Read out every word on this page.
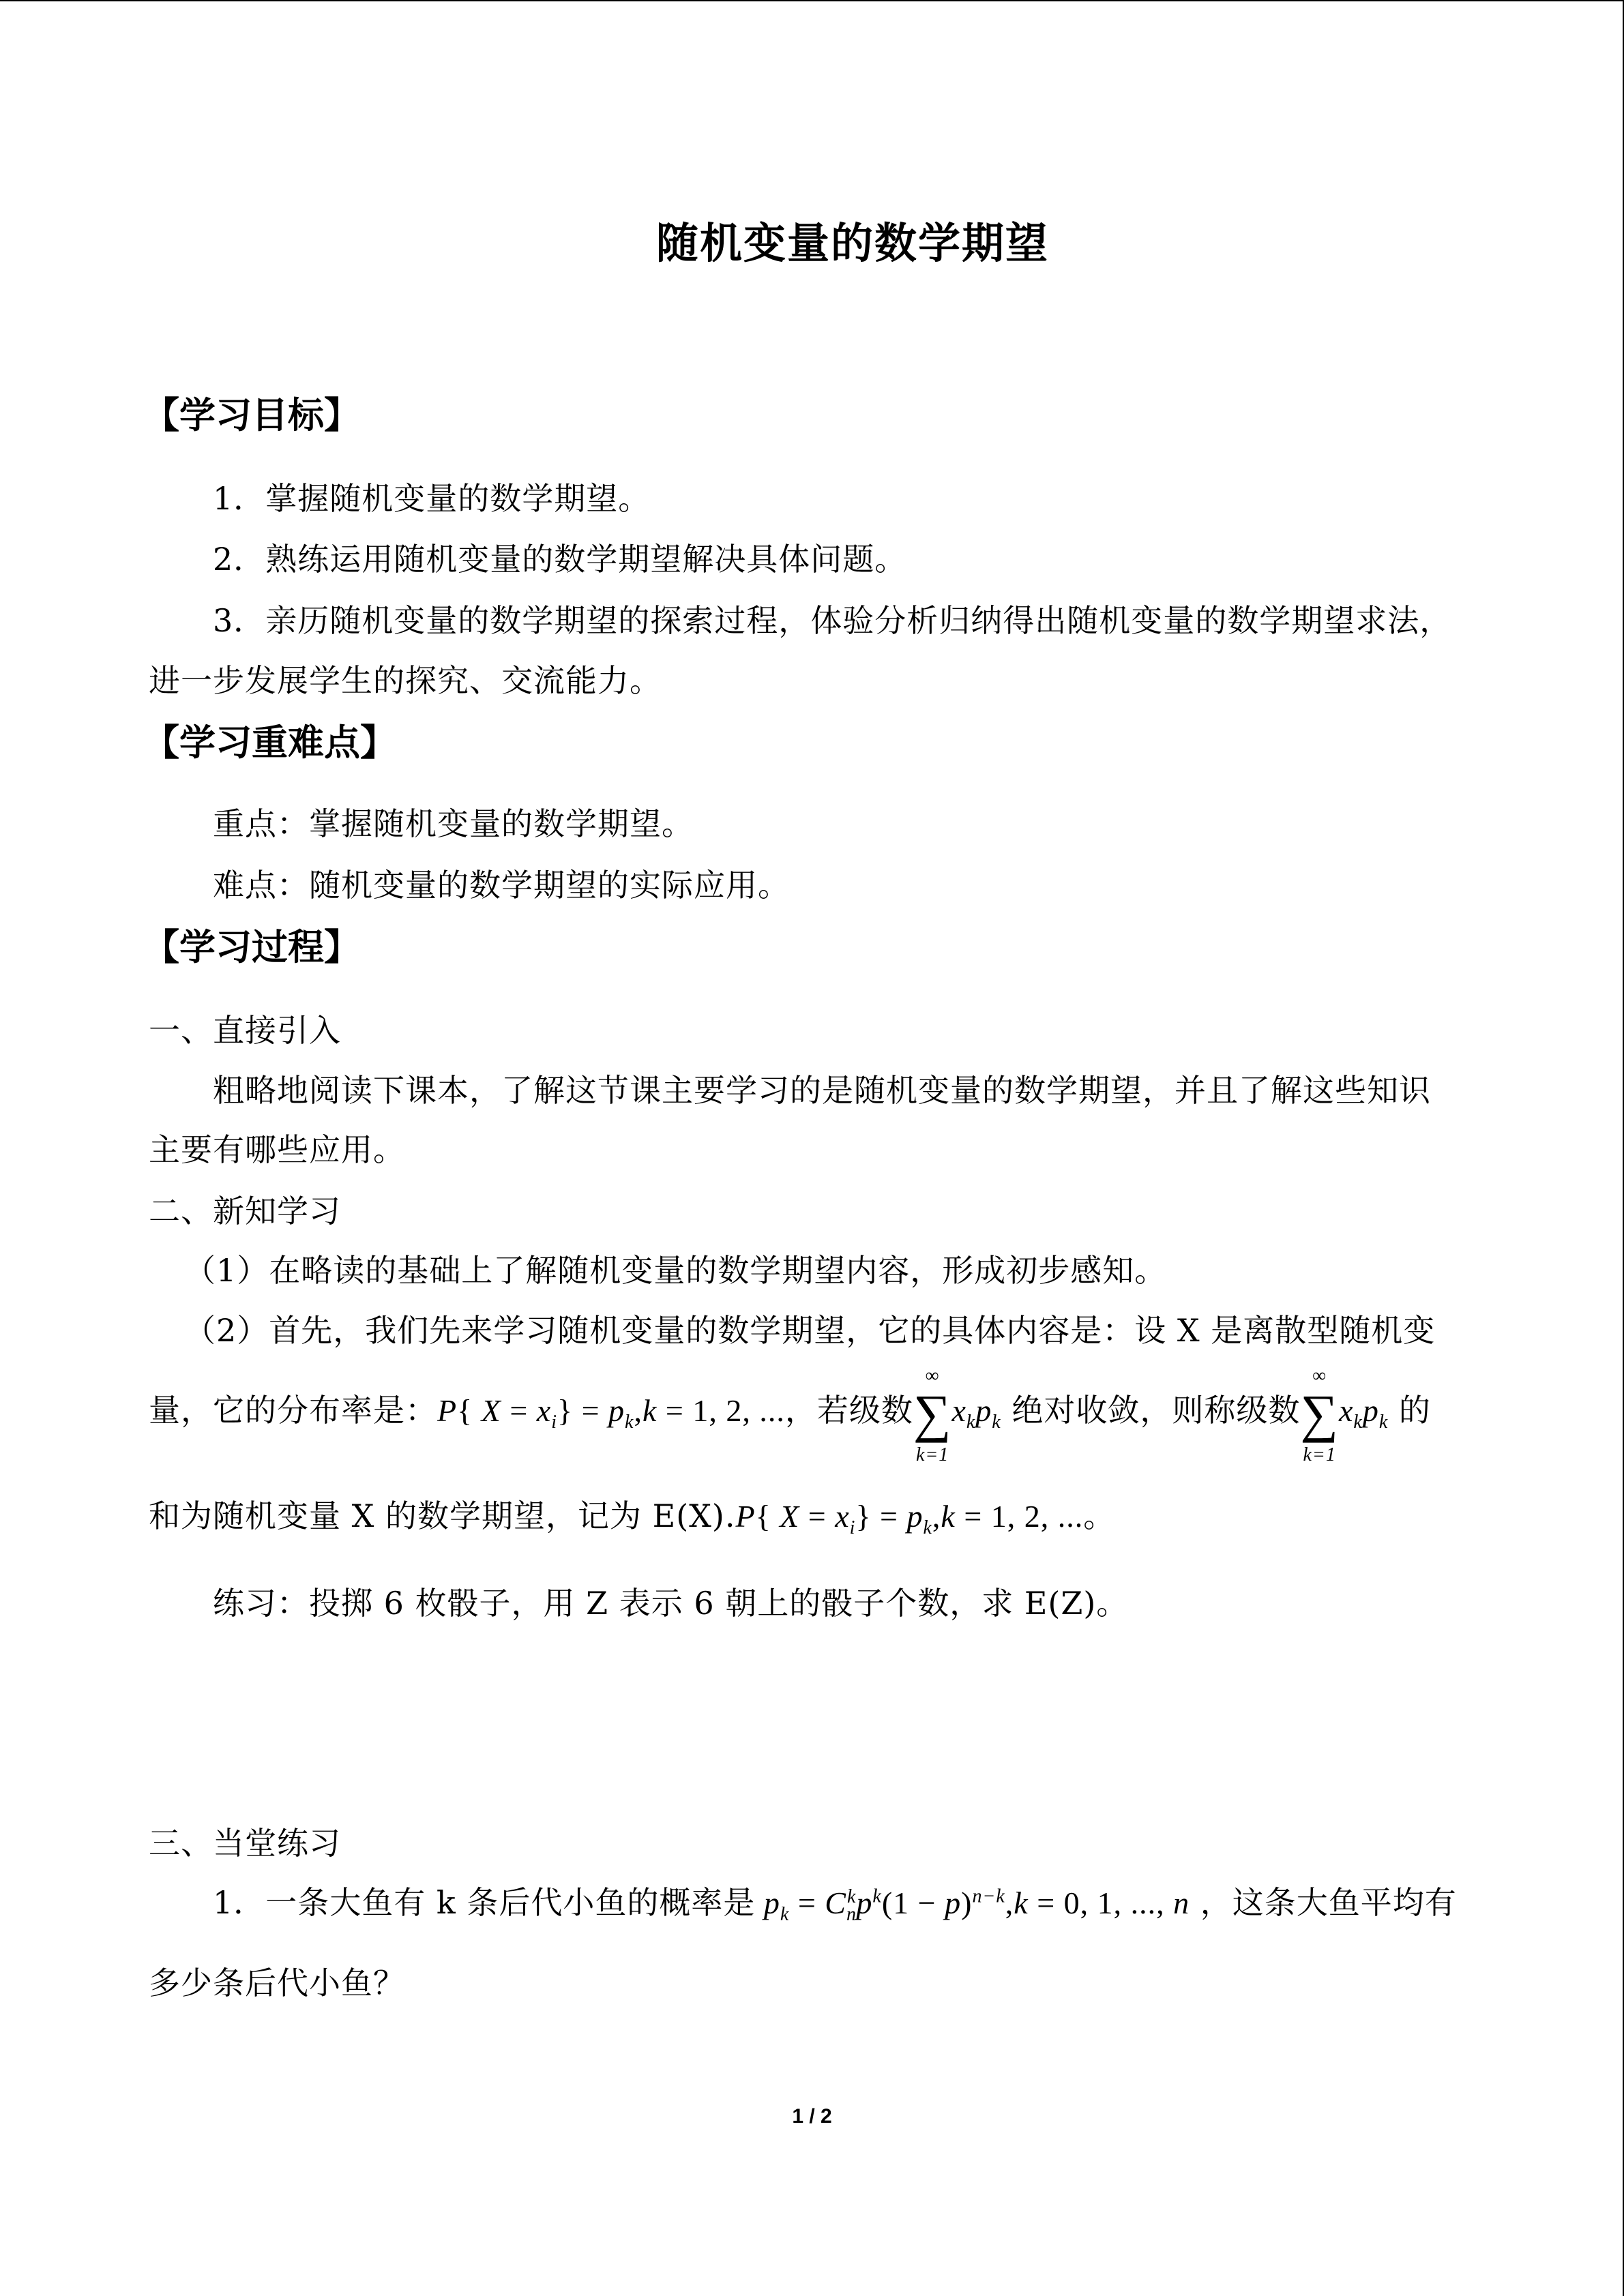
随机变量的数学期望
【学习目标】
1．掌握随机变量的数学期望。
2．熟练运用随机变量的数学期望解决具体问题。
3．亲历随机变量的数学期望的探索过程，体验分析归纳得出随机变量的数学期望求法，
进一步发展学生的探究、交流能力。
【学习重难点】
重点：掌握随机变量的数学期望。
难点：随机变量的数学期望的实际应用。
【学习过程】
一、直接引入
粗略地阅读下课本，了解这节课主要学习的是随机变量的数学期望，并且了解这些知识
主要有哪些应用。
二、新知学习
（1）在略读的基础上了解随机变量的数学期望内容，形成初步感知。
（2）首先，我们先来学习随机变量的数学期望，它的具体内容是：设 X 是离散型随机变
量，它的分布率是：P{ $X = x_i\} = p_k,k = 1$, 2, ...，若级数
∞
∑
k=1
$x_kp_k$ 绝对收敛，则称级数
∞
∑
k=1
$x_kp_k$ 的
和为随机变量 X 的数学期望，记为 E(X).P{ $X = x_i\} = p_k,k = 1$, 2, ...。
练习：投掷 6 枚骰子，用 Z 表示 6 朝上的骰子个数，求 E(Z)。
三、当堂练习
1．一条大鱼有 k 条后代小鱼的概率是 $p_k = C_n^kp^k(1 - p)^{n-k},k = 0$, 1, ..., n ，这条大鱼平均有
多少条后代小鱼？
1 / 2
